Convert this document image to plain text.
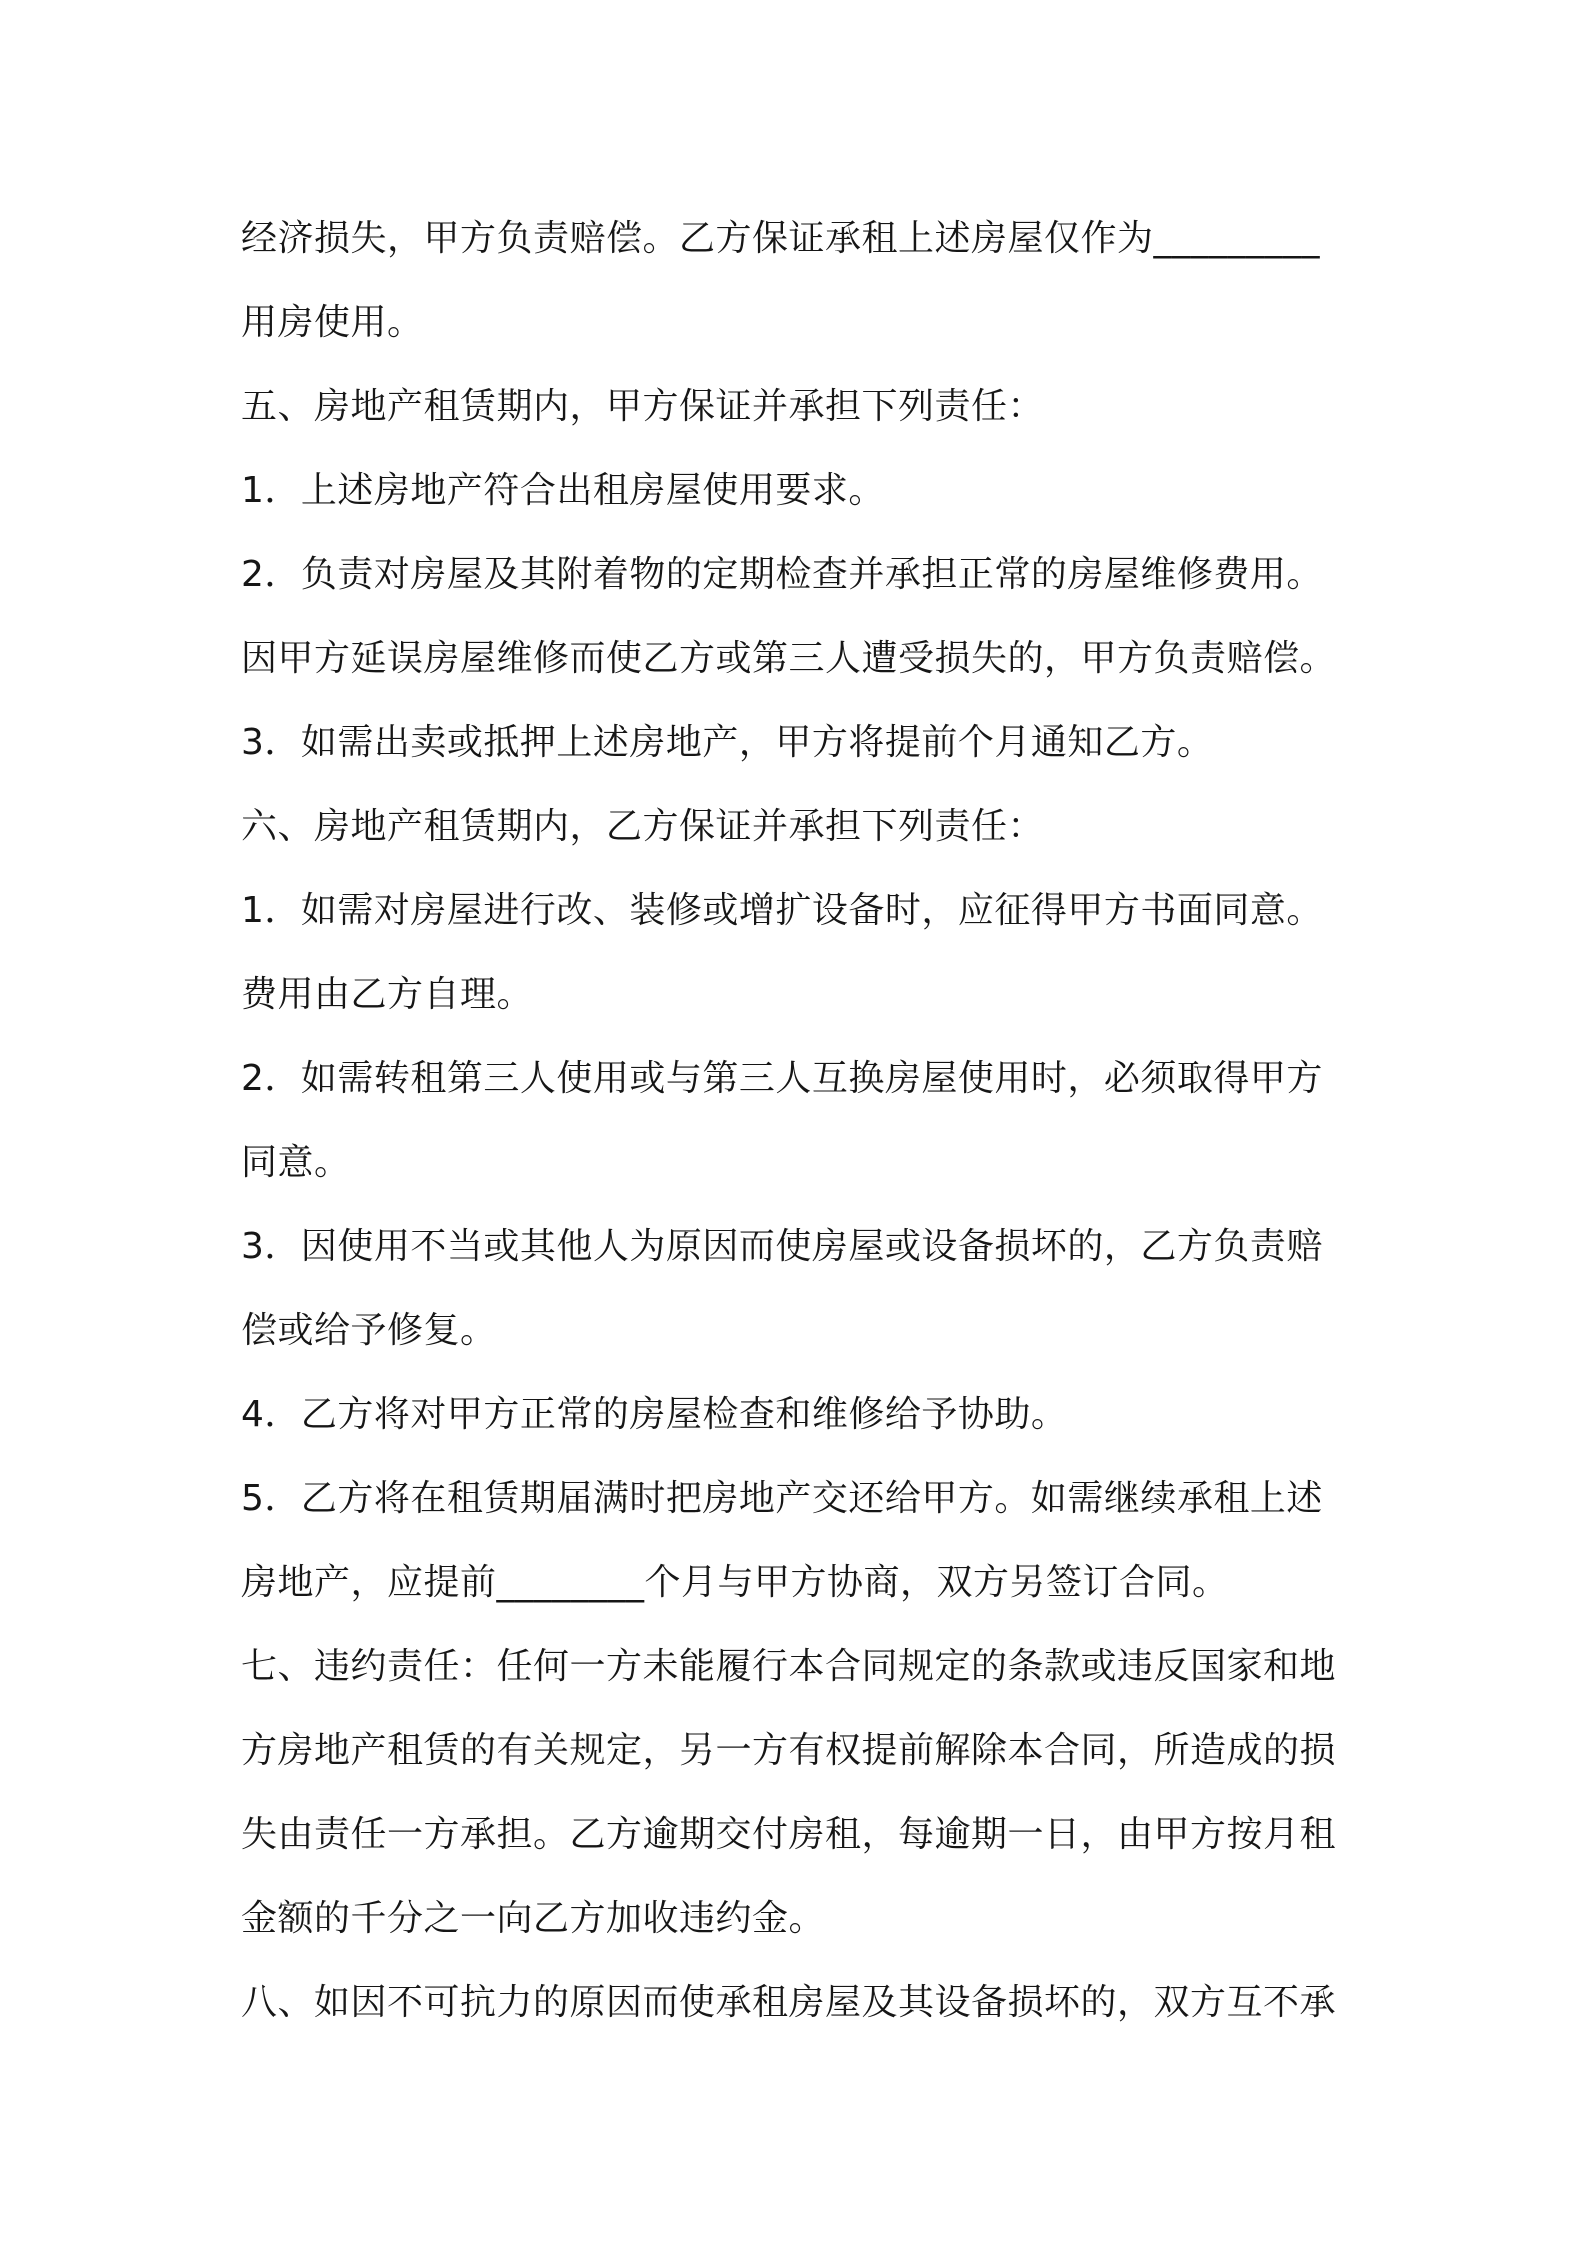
经济损失，甲方负责赔偿。乙方保证承租上述房屋仅作为_________
用房使用。
五、房地产租赁期内，甲方保证并承担下列责任：
1．上述房地产符合出租房屋使用要求。
2．负责对房屋及其附着物的定期检查并承担正常的房屋维修费用。
因甲方延误房屋维修而使乙方或第三人遭受损失的，甲方负责赔偿。
3．如需出卖或抵押上述房地产，甲方将提前个月通知乙方。
六、房地产租赁期内，乙方保证并承担下列责任：
1．如需对房屋进行改、装修或增扩设备时，应征得甲方书面同意。
费用由乙方自理。
2．如需转租第三人使用或与第三人互换房屋使用时，必须取得甲方
同意。
3．因使用不当或其他人为原因而使房屋或设备损坏的，乙方负责赔
偿或给予修复。
4．乙方将对甲方正常的房屋检查和维修给予协助。
5．乙方将在租赁期届满时把房地产交还给甲方。如需继续承租上述
房地产，应提前________个月与甲方协商，双方另签订合同。
七、违约责任：任何一方未能履行本合同规定的条款或违反国家和地
方房地产租赁的有关规定，另一方有权提前解除本合同，所造成的损
失由责任一方承担。乙方逾期交付房租，每逾期一日，由甲方按月租
金额的千分之一向乙方加收违约金。
八、如因不可抗力的原因而使承租房屋及其设备损坏的，双方互不承
